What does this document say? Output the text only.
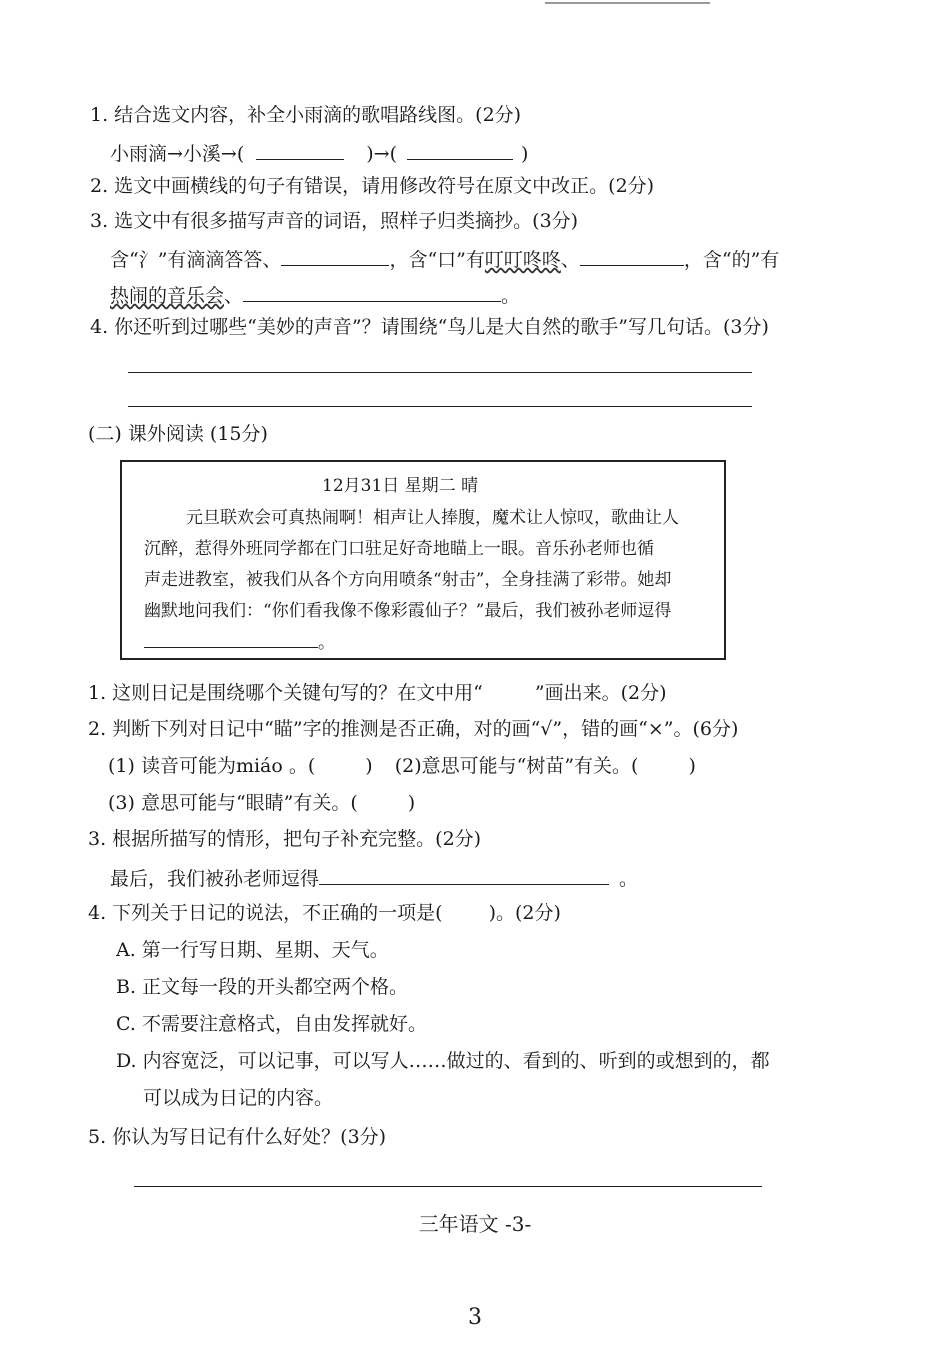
1. 结合选文内容，补全小雨滴的歌唱路线图。(2分)
小雨滴→小溪→(	)→(	)
2. 选文中画横线的句子有错误，请用修改符号在原文中改正。(2分)
3. 选文中有很多描写声音的词语，照样子归类摘抄。(3分)
含“氵”有滴滴答答、	，含“口”有叮叮咚咚、	，含“的”有
热闹的音乐会、	。
4. 你还听到过哪些“美妙的声音”？请围绕“鸟儿是大自然的歌手”写几句话。(3分)
(二) 课外阅读 (15分)
12月31日 星期二 晴
元旦联欢会可真热闹啊！相声让人捧腹，魔术让人惊叹，歌曲让人
沉醉，惹得外班同学都在门口驻足好奇地瞄上一眼。音乐孙老师也循
声走进教室，被我们从各个方向用喷条“射击”，全身挂满了彩带。她却
幽默地问我们：“你们看我像不像彩霞仙子？”最后，我们被孙老师逗得
。
1. 这则日记是围绕哪个关键句写的？在文中用“	”画出来。(2分)
2. 判断下列对日记中“瞄”字的推测是否正确，对的画“√”，错的画“×”。(6分)
(1) 读音可能为miáo 。(	) (2)意思可能与“树苗”有关。(	)
(3) 意思可能与“眼睛”有关。(	)
3. 根据所描写的情形，把句子补充完整。(2分)
最后，我们被孙老师逗得	。
4. 下列关于日记的说法，不正确的一项是( )。(2分)
A. 第一行写日期、星期、天气。
B. 正文每一段的开头都空两个格。
C. 不需要注意格式，自由发挥就好。
D. 内容宽泛，可以记事，可以写人……做过的、看到的、听到的或想到的，都
可以成为日记的内容。
5. 你认为写日记有什么好处？(3分)
三年语文 -3-
3
